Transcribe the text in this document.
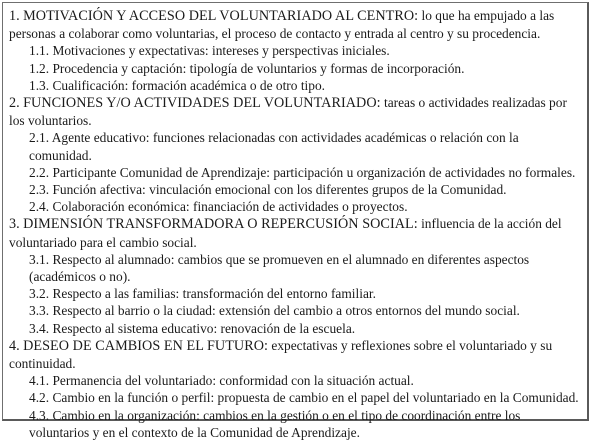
1. MOTIVACIÓN Y ACCESO DEL VOLUNTARIADO AL CENTRO: lo que ha empujado a las personas a colaborar como voluntarias, el proceso de contacto y entrada al centro y su procedencia.

1.1. Motivaciones y expectativas: intereses y perspectivas iniciales.

1.2. Procedencia y captación: tipología de voluntarios y formas de incorporación.

1.3. Cualificación: formación académica o de otro tipo.

2. FUNCIONES Y/O ACTIVIDADES DEL VOLUNTARIADO: tareas o actividades realizadas por los voluntarios.

2.1. Agente educativo: funciones relacionadas con actividades académicas o relación con la comunidad.

2.2. Participante Comunidad de Aprendizaje: participación u organización de actividades no formales.

2.3. Función afectiva: vinculación emocional con los diferentes grupos de la Comunidad.

2.4. Colaboración económica: financiación de actividades o proyectos.

3. DIMENSIÓN TRANSFORMADORA O REPERCUSIÓN SOCIAL: influencia de la acción del voluntariado para el cambio social.

3.1. Respecto al alumnado: cambios que se promueven en el alumnado en diferentes aspectos (académicos o no).

3.2. Respecto a las familias: transformación del entorno familiar.

3.3. Respecto al barrio o la ciudad: extensión del cambio a otros entornos del mundo social.

3.4. Respecto al sistema educativo: renovación de la escuela.

4. DESEO DE CAMBIOS EN EL FUTURO: expectativas y reflexiones sobre el voluntariado y su continuidad.

4.1. Permanencia del voluntariado: conformidad con la situación actual.

4.2. Cambio en la función o perfil: propuesta de cambio en el papel del voluntariado en la Comunidad.

4.3. Cambio en la organización: cambios en la gestión o en el tipo de coordinación entre los voluntarios y en el contexto de la Comunidad de Aprendizaje.
